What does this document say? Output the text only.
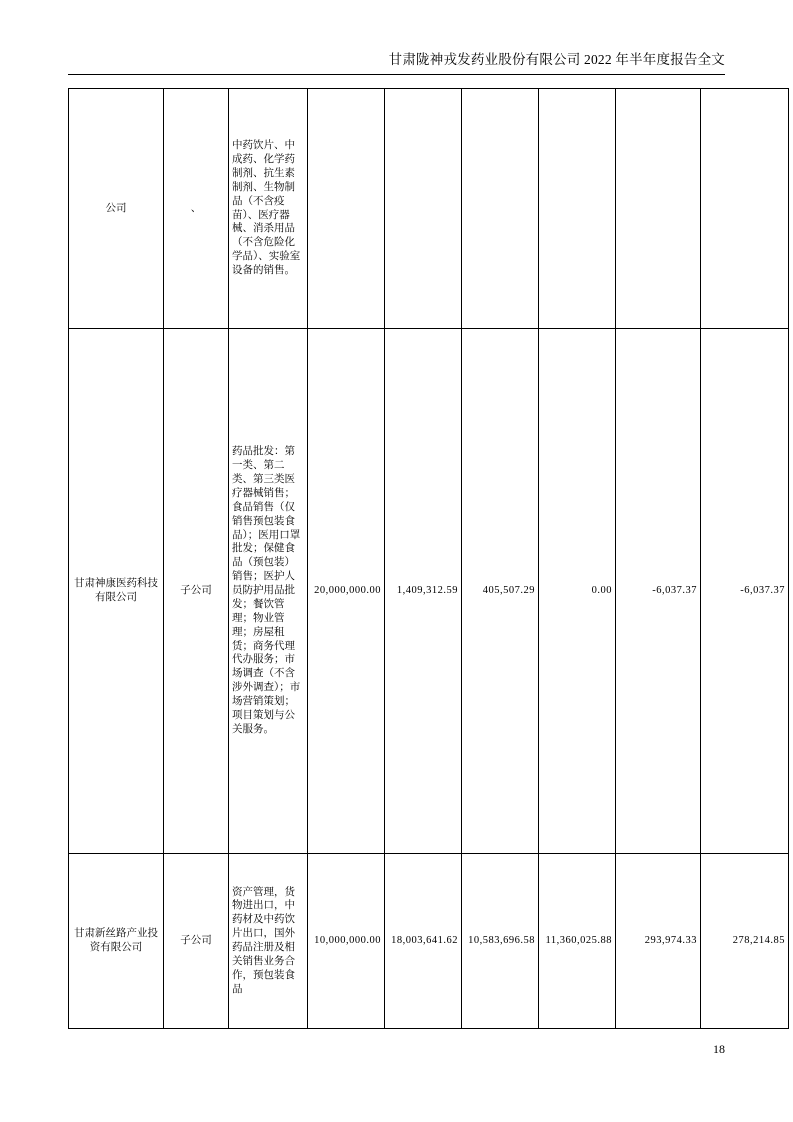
甘肃陇神戎发药业股份有限公司 2022 年半年度报告全文
公司	、	中药饮片、中成药、化学药制剂、抗生素制剂、生物制品（不含疫苗）、医疗器械、消杀用品（不含危险化学品）、实验室设备的销售。						
甘肃神康医药科技有限公司	子公司	药品批发：第一类、第二类、第三类医疗器械销售；食品销售（仅销售预包装食品）；医用口罩批发；保健食品（预包装）销售；医护人员防护用品批发；餐饮管理；物业管理；房屋租赁；商务代理代办服务；市场调查（不含涉外调查）；市场营销策划；项目策划与公关服务。	20,000,000.00	1,409,312.59	405,507.29	0.00	-6,037.37	-6,037.37
甘肃新丝路产业投资有限公司	子公司	资产管理，货物进出口，中药材及中药饮片出口，国外药品注册及相关销售业务合作，预包装食品	10,000,000.00	18,003,641.62	10,583,696.58	11,360,025.88	293,974.33	278,214.85
18
